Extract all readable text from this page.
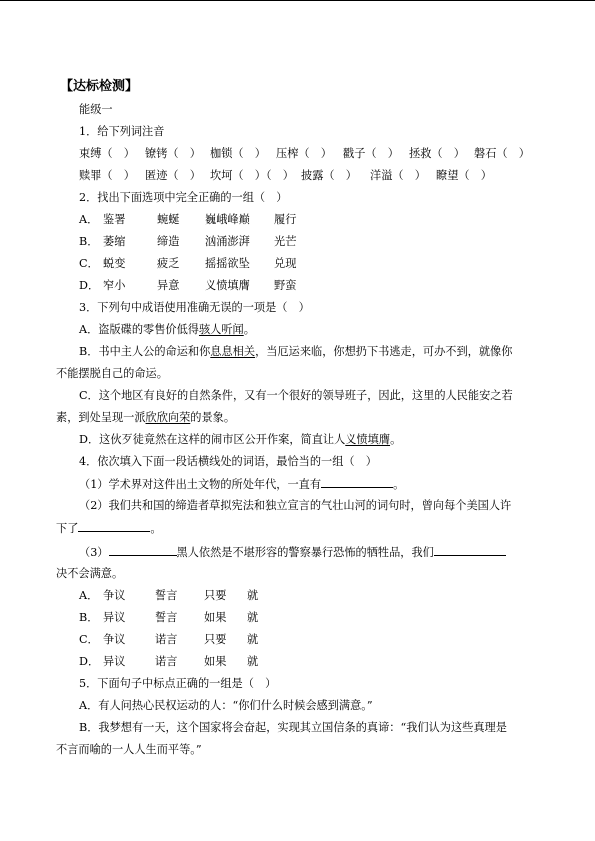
【达标检测】
能级一
1．给下列词注音
束缚（　） 镣铐（　） 枷锁（　） 压榨（　） 戳子（　） 拯救（　） 磐石（　）
赎罪（　） 匿迹（　） 坎坷（　）（　） 披露（　） 洋溢（　） 瞭望（　）
2．找出下面选项中完全正确的一组（　）
A． 鉴署	蜿蜒 巍峨峰巅 履行
B． 萎缩	缔造 汹涌澎湃 光芒
C． 蜕变	疲乏 摇摇欲坠 兑现
D． 窄小	异意 义愤填膺 野蛮
3．下列句中成语使用准确无误的一项是（　）
A．盗版碟的零售价低得骇人听闻。
B．书中主人公的命运和你息息相关，当厄运来临，你想扔下书逃走，可办不到，就像你
不能摆脱自己的命运。
C．这个地区有良好的自然条件，又有一个很好的领导班子，因此，这里的人民能安之若
素，到处呈现一派欣欣向荣的景象。
D．这伙歹徒竟然在这样的闹市区公开作案，简直让人义愤填膺。
4．依次填入下面一段话横线处的词语，最恰当的一组（　）
（1）学术界对这件出土文物的所处年代，一直有	。
（2）我们共和国的缔造者草拟宪法和独立宣言的气壮山河的词句时，曾向每个美国人许
下了	。
（3）	黑人依然是不堪形容的警察暴行恐怖的牺牲品，我们
决不会满意。
A． 争议	誓言 只要 就
B． 异议	誓言 如果 就
C． 争议	诺言 只要 就
D． 异议	诺言 如果 就
5．下面句子中标点正确的一组是（　）
A．有人问热心民权运动的人：“你们什么时候会感到满意。”
B．我梦想有一天，这个国家将会奋起，实现其立国信条的真谛：“我们认为这些真理是
不言而喻的一人人生而平等。”
